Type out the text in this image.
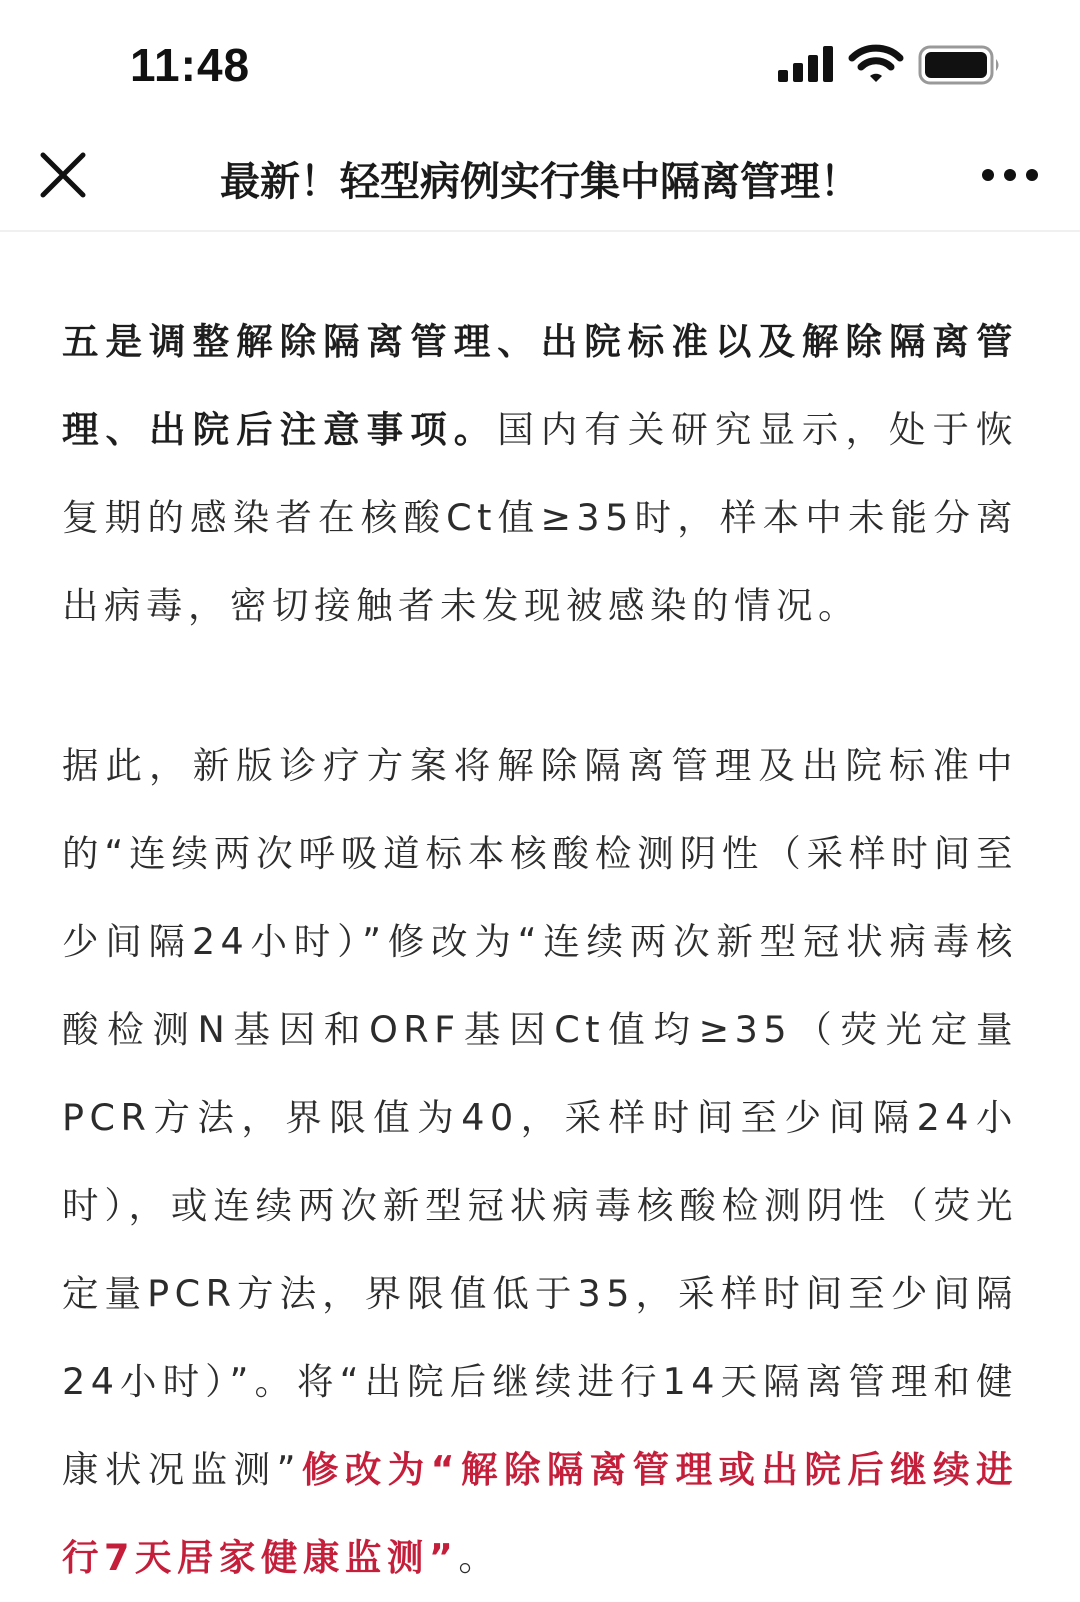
11:48
最新！轻型病例实行集中隔离管理！

五是调整解除隔离管理、出院标准以及解除隔离管理、出院后注意事项。国内有关研究显示，处于恢复期的感染者在核酸Ct值≥35时，样本中未能分离出病毒，密切接触者未发现被感染的情况。

据此，新版诊疗方案将解除隔离管理及出院标准中的“连续两次呼吸道标本核酸检测阴性（采样时间至少间隔24小时）”修改为“连续两次新型冠状病毒核酸检测N基因和ORF基因Ct值均≥35（荧光定量PCR方法，界限值为40，采样时间至少间隔24小时），或连续两次新型冠状病毒核酸检测阴性（荧光定量PCR方法，界限值低于35，采样时间至少间隔24小时）”。将“出院后继续进行14天隔离管理和健康状况监测”修改为“解除隔离管理或出院后继续进行7天居家健康监测”。
